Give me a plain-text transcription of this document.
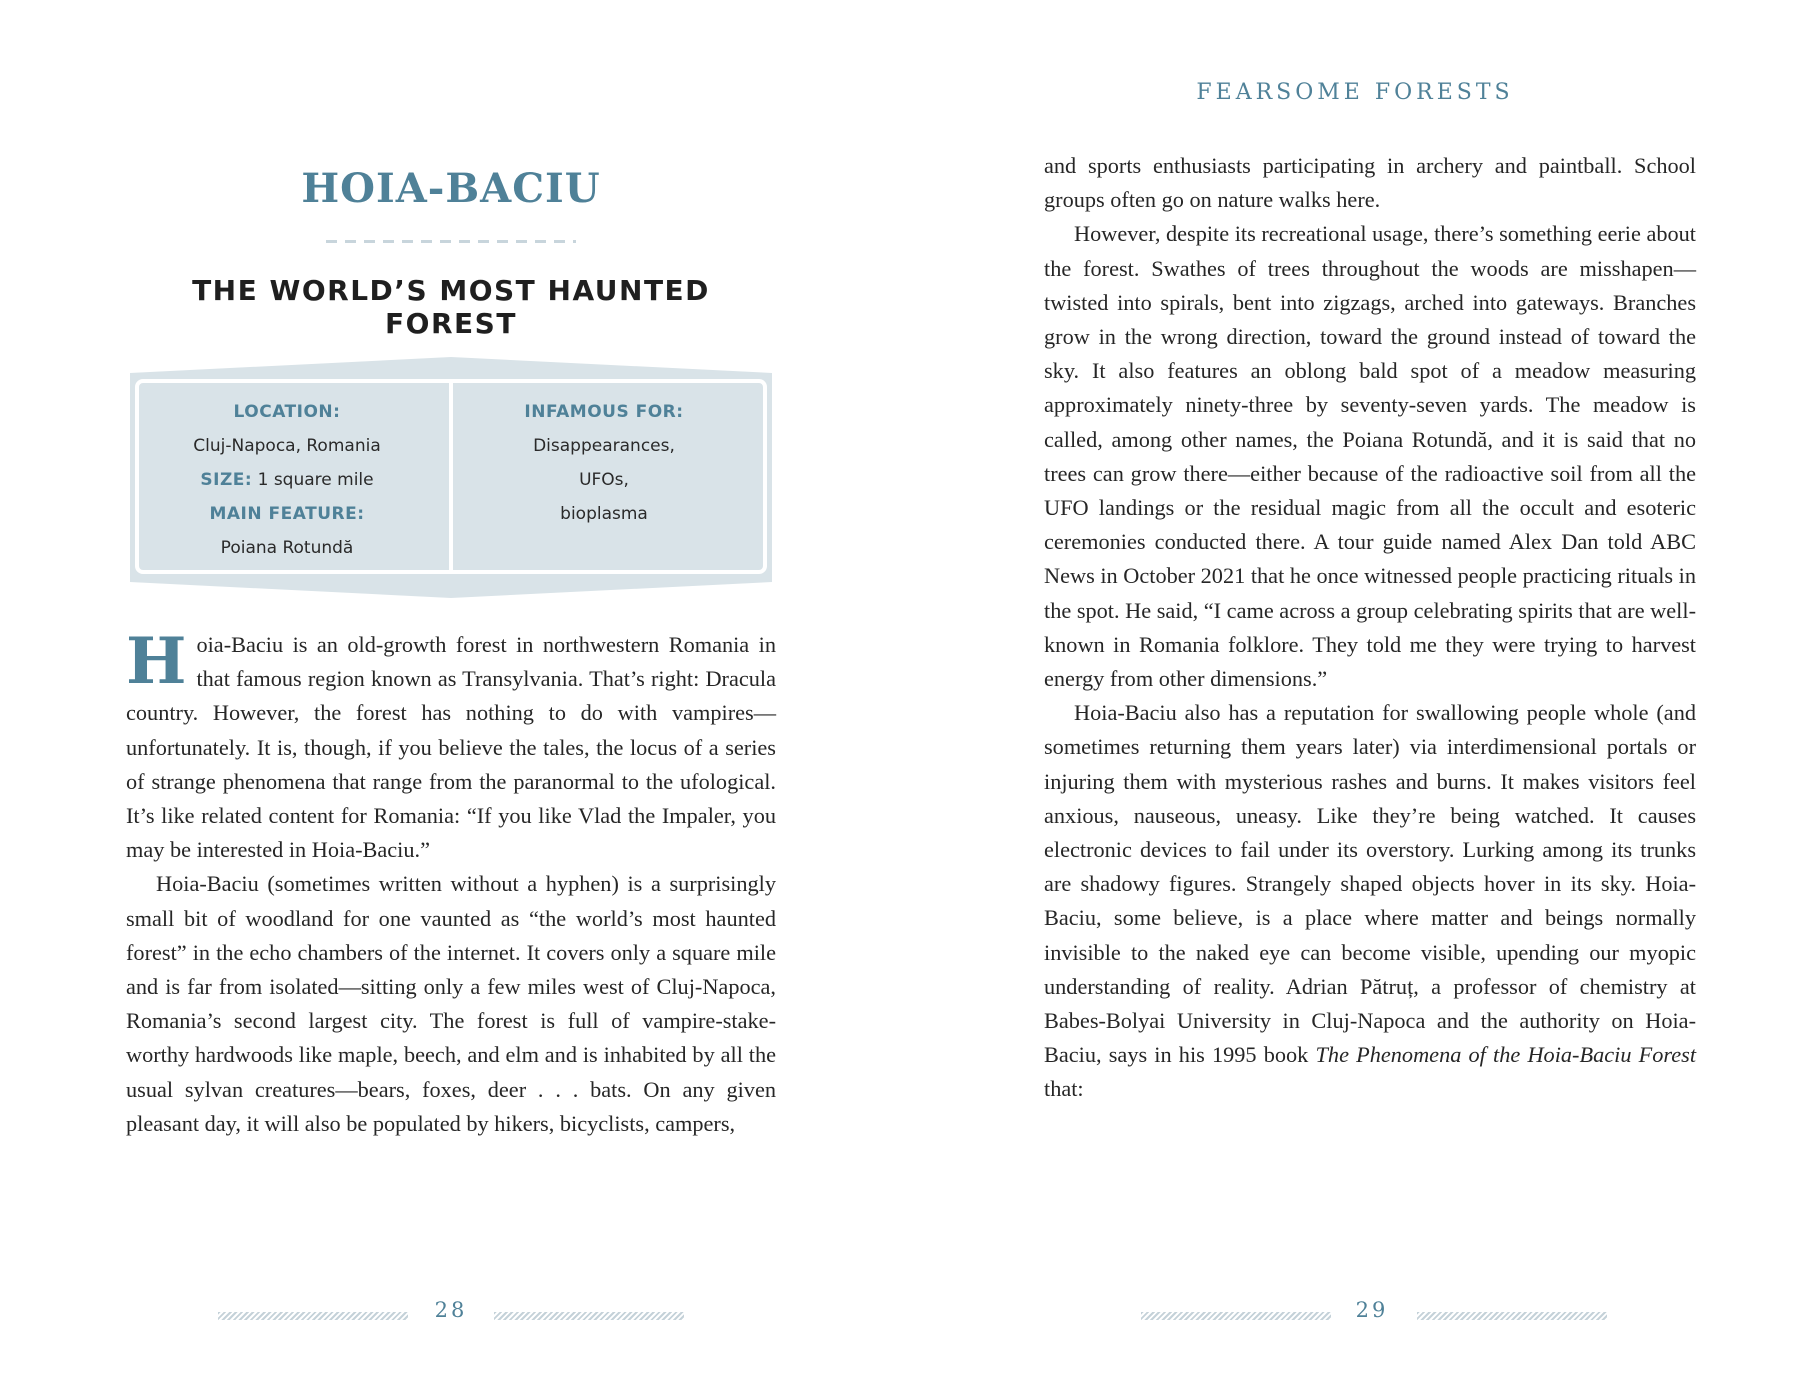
HOIA-BACIU
THE WORLD’S MOST HAUNTED FOREST
LOCATION:
Cluj-Napoca, Romania
SIZE: 1 square mile
MAIN FEATURE:
Poiana Rotundă
INFAMOUS FOR:
Disappearances,
UFOs,
bioplasma

Hoia-Baciu is an old-growth forest in northwestern Romania in that famous region known as Transylvania. That’s right: Dracula country. However, the forest has nothing to do with vampires—unfortunately. It is, though, if you believe the tales, the locus of a series of strange phenomena that range from the paranormal to the ufological. It’s like related content for Romania: “If you like Vlad the Impaler, you may be interested in Hoia-Baciu.”

Hoia-Baciu (sometimes written without a hyphen) is a surprisingly small bit of woodland for one vaunted as “the world’s most haunted forest” in the echo chambers of the internet. It covers only a square mile and is far from isolated—sitting only a few miles west of Cluj-Napoca, Romania’s second largest city. The forest is full of vampire-stake-worthy hardwoods like maple, beech, and elm and is inhabited by all the usual sylvan creatures—bears, foxes, deer . . . bats. On any given pleasant day, it will also be populated by hikers, bicyclists, campers,

28
FEARSOME FORESTS

and sports enthusiasts participating in archery and paintball. School groups often go on nature walks here.

However, despite its recreational usage, there’s something eerie about the forest. Swathes of trees throughout the woods are misshapen—twisted into spirals, bent into zigzags, arched into gateways. Branches grow in the wrong direction, toward the ground instead of toward the sky. It also features an oblong bald spot of a meadow measuring approximately ninety-three by seventy-seven yards. The meadow is called, among other names, the Poiana Rotundă, and it is said that no trees can grow there—either because of the radioactive soil from all the UFO landings or the residual magic from all the occult and esoteric ceremonies conducted there. A tour guide named Alex Dan told ABC News in October 2021 that he once witnessed people practicing rituals in the spot. He said, “I came across a group celebrating spirits that are well-known in Romania folklore. They told me they were trying to harvest energy from other dimensions.”

Hoia-Baciu also has a reputation for swallowing people whole (and sometimes returning them years later) via interdimensional portals or injuring them with mysterious rashes and burns. It makes visitors feel anxious, nauseous, uneasy. Like they’re being watched. It causes electronic devices to fail under its overstory. Lurking among its trunks are shadowy figures. Strangely shaped objects hover in its sky. Hoia-Baciu, some believe, is a place where matter and beings normally invisible to the naked eye can become visible, upending our myopic understanding of reality. Adrian Pătruț, a professor of chemistry at Babes-Bolyai University in Cluj-Napoca and the authority on Hoia-Baciu, says in his 1995 book The Phenomena of the Hoia-Baciu Forest that:

29
